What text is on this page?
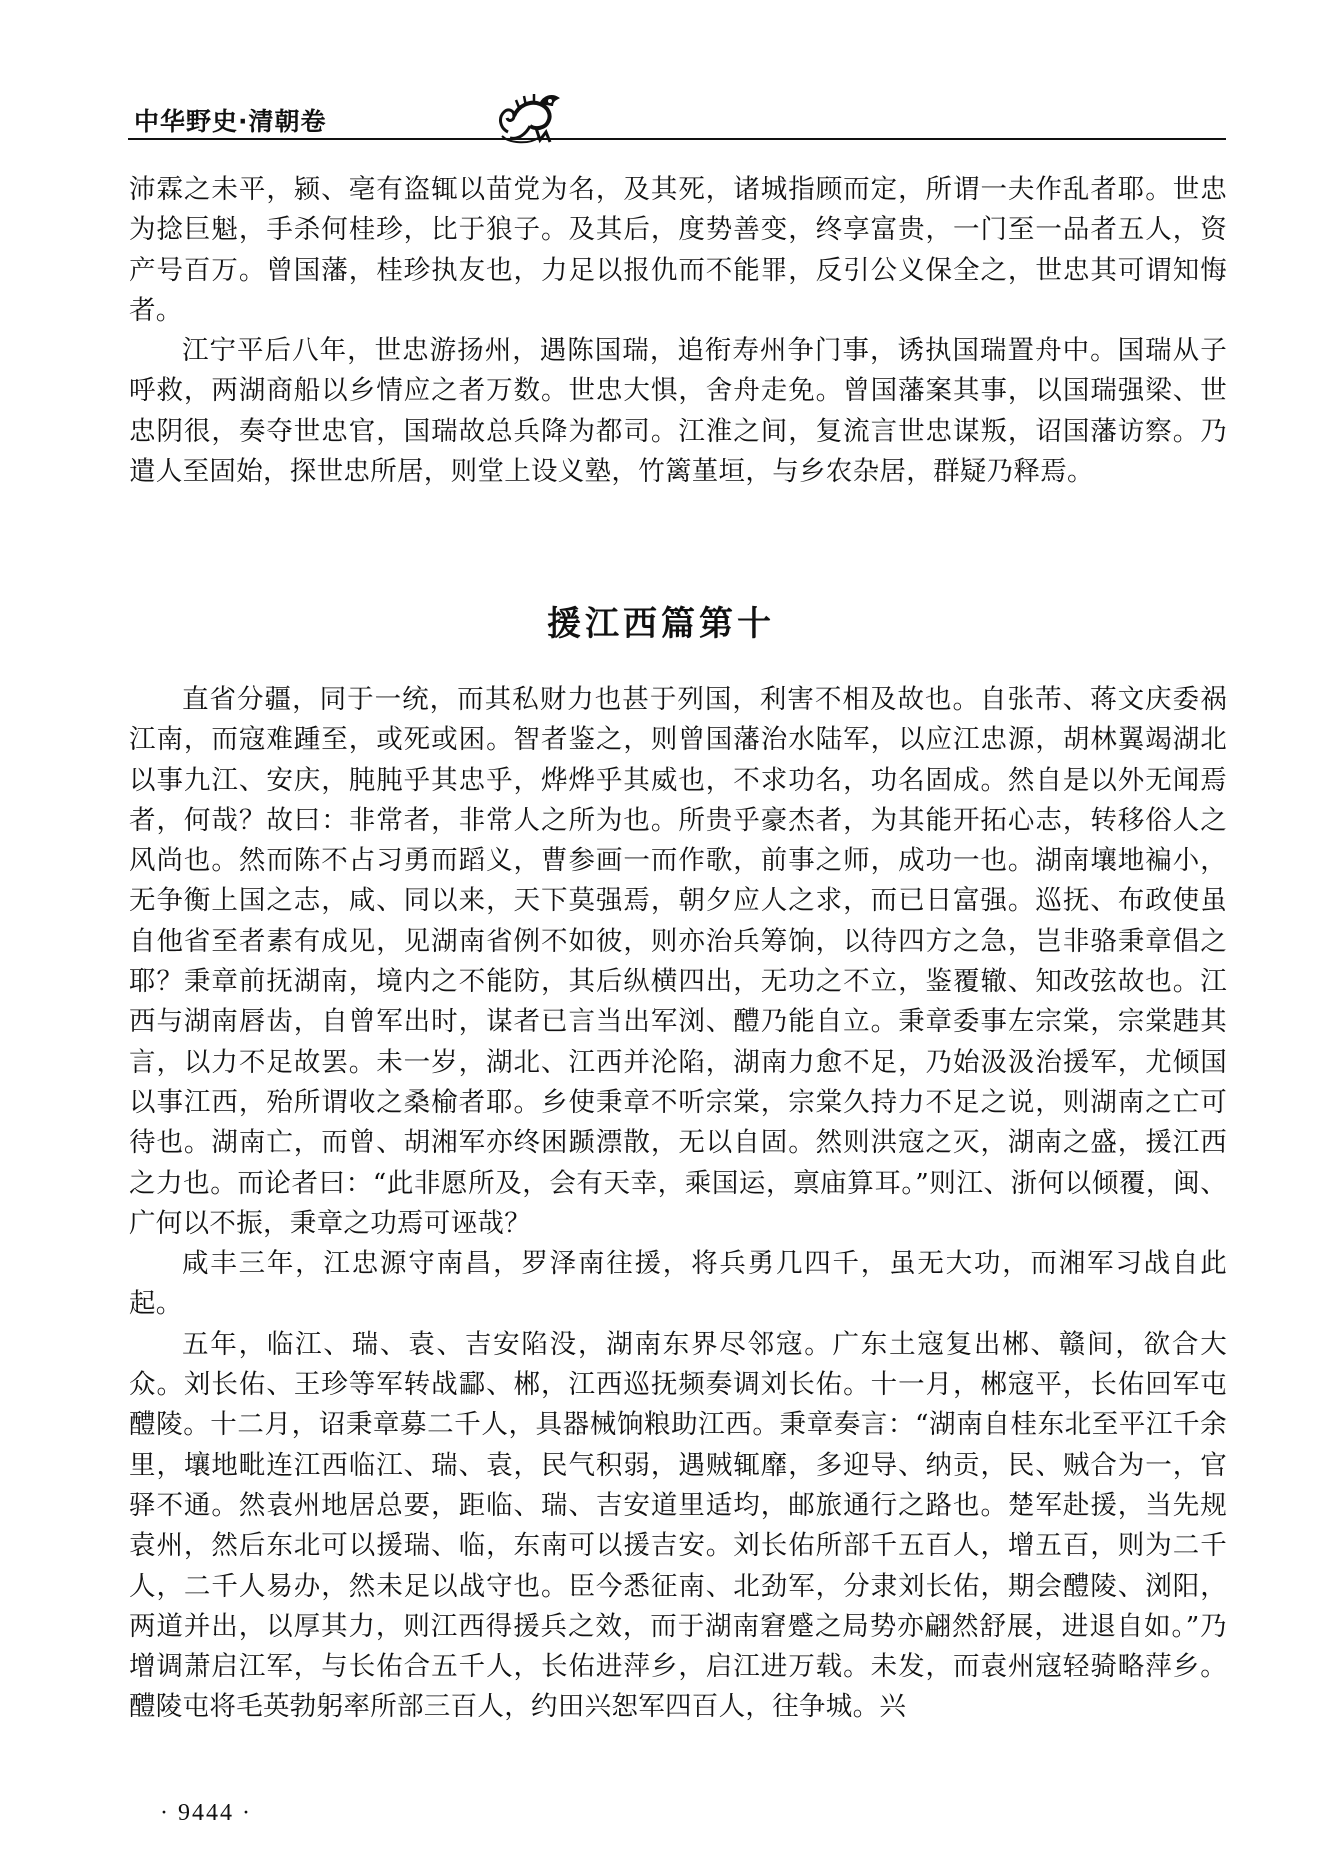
中华野史·清朝卷

沛霖之未平，颍、亳有盗辄以苗党为名，及其死，诸城指顾而定，所谓一夫作乱者耶。世忠为捻巨魁，手杀何桂珍，比于狼子。及其后，度势善变，终享富贵，一门至一品者五人，资产号百万。曾国藩，桂珍执友也，力足以报仇而不能罪，反引公义保全之，世忠其可谓知悔者。

江宁平后八年，世忠游扬州，遇陈国瑞，追衔寿州争门事，诱执国瑞置舟中。国瑞从子呼救，两湖商船以乡情应之者万数。世忠大惧，舍舟走免。曾国藩案其事，以国瑞强梁、世忠阴很，奏夺世忠官，国瑞故总兵降为都司。江淮之间，复流言世忠谋叛，诏国藩访察。乃遣人至固始，探世忠所居，则堂上设义塾，竹篱堇垣，与乡农杂居，群疑乃释焉。

援江西篇第十

直省分疆，同于一统，而其私财力也甚于列国，利害不相及故也。自张芾、蒋文庆委祸江南，而寇难踵至，或死或困。智者鉴之，则曾国藩治水陆军，以应江忠源，胡林翼竭湖北以事九江、安庆，肫肫乎其忠乎，烨烨乎其威也，不求功名，功名固成。然自是以外无闻焉者，何哉？故曰：非常者，非常人之所为也。所贵乎豪杰者，为其能开拓心志，转移俗人之风尚也。然而陈不占习勇而蹈义，曹参画一而作歌，前事之师，成功一也。湖南壤地褊小，无争衡上国之志，咸、同以来，天下莫强焉，朝夕应人之求，而已日富强。巡抚、布政使虽自他省至者素有成见，见湖南省例不如彼，则亦治兵筹饷，以待四方之急，岂非骆秉章倡之耶？秉章前抚湖南，境内之不能防，其后纵横四出，无功之不立，鉴覆辙、知改弦故也。江西与湖南唇齿，自曾军出时，谋者已言当出军浏、醴乃能自立。秉章委事左宗棠，宗棠韪其言，以力不足故罢。未一岁，湖北、江西并沦陷，湖南力愈不足，乃始汲汲治援军，尤倾国以事江西，殆所谓收之桑榆者耶。乡使秉章不听宗棠，宗棠久持力不足之说，则湖南之亡可待也。湖南亡，而曾、胡湘军亦终困踬漂散，无以自固。然则洪寇之灭，湖南之盛，援江西之力也。而论者曰：“此非愿所及，会有天幸，乘国运，禀庙算耳。”则江、浙何以倾覆，闽、广何以不振，秉章之功焉可诬哉？

咸丰三年，江忠源守南昌，罗泽南往援，将兵勇几四千，虽无大功，而湘军习战自此起。

五年，临江、瑞、袁、吉安陷没，湖南东界尽邻寇。广东土寇复出郴、赣间，欲合大众。刘长佑、王珍等军转战酃、郴，江西巡抚频奏调刘长佑。十一月，郴寇平，长佑回军屯醴陵。十二月，诏秉章募二千人，具器械饷粮助江西。秉章奏言：“湖南自桂东北至平江千余里，壤地毗连江西临江、瑞、袁，民气积弱，遇贼辄靡，多迎导、纳贡，民、贼合为一，官驿不通。然袁州地居总要，距临、瑞、吉安道里适均，邮旅通行之路也。楚军赴援，当先规袁州，然后东北可以援瑞、临，东南可以援吉安。刘长佑所部千五百人，增五百，则为二千人，二千人易办，然未足以战守也。臣今悉征南、北劲军，分隶刘长佑，期会醴陵、浏阳，两道并出，以厚其力，则江西得援兵之效，而于湖南窘蹙之局势亦翩然舒展，进退自如。”乃增调萧启江军，与长佑合五千人，长佑进萍乡，启江进万载。未发，而袁州寇轻骑略萍乡。醴陵屯将毛英勃躬率所部三百人，约田兴恕军四百人，往争城。兴

· 9444 ·
